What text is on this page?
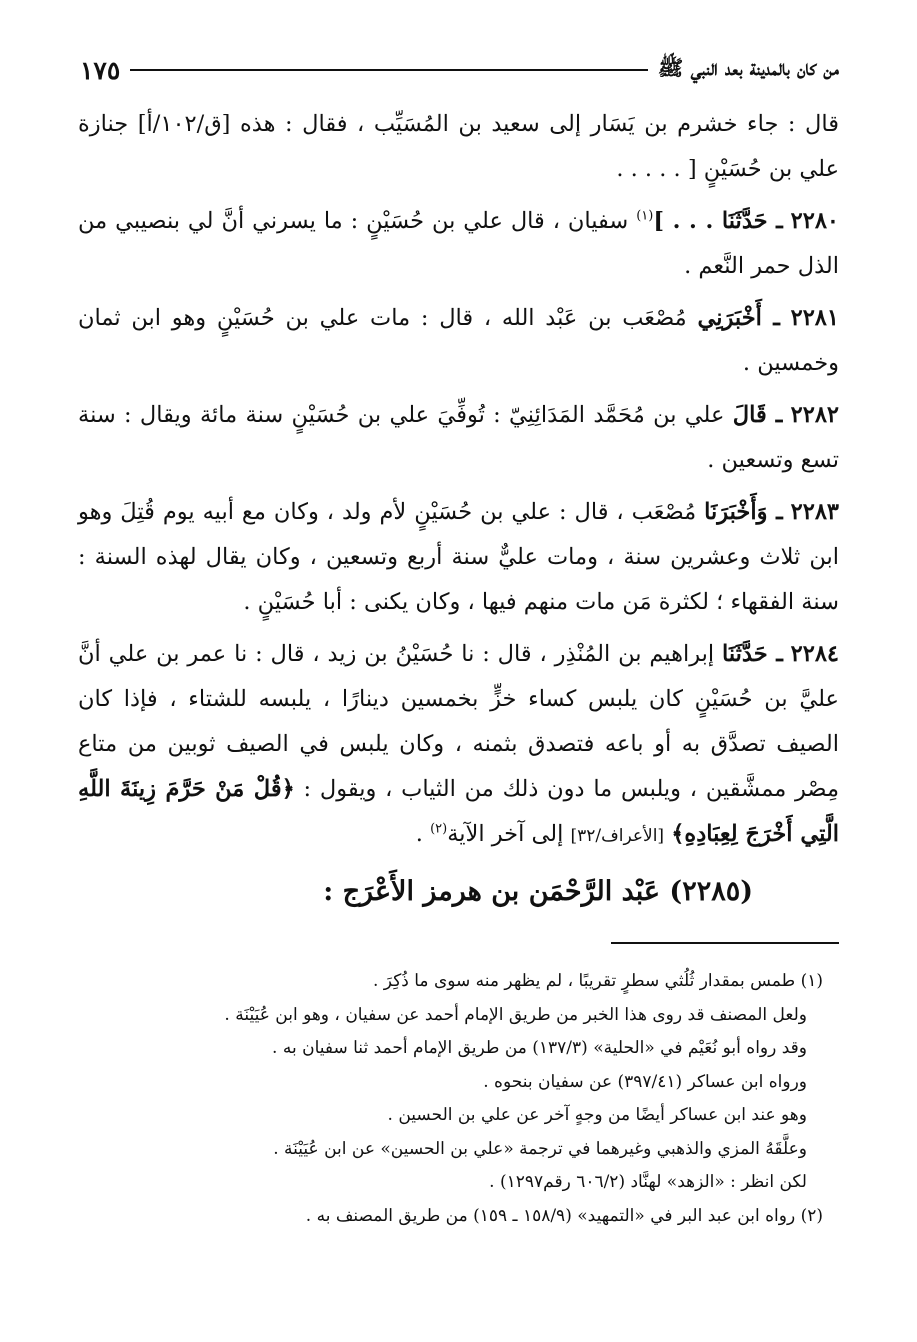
١٧٥	من كان بالمدينة بعد النبي ﷺ

قال : جاء خشرم بن يَسَار إلى سعيد بن المُسَيِّب ، فقال : هذه [ق/١٠٢/أ] جنازة علي بن حُسَيْنٍ [ . . . . .

٢٢٨٠ ـ حَدَّثَنَا . . . ]$^{(١)}$ سفيان ، قال علي بن حُسَيْنٍ : ما يسرني أنَّ لي بنصيبي من الذل حمر النَّعم .

٢٢٨١ ـ أَخْبَرَنِي مُصْعَب بن عَبْد الله ، قال : مات علي بن حُسَيْنٍ وهو ابن ثمان وخمسين .

٢٢٨٢ ـ قَالَ علي بن مُحَمَّد المَدَائِنِيّ : تُوفِّيَ علي بن حُسَيْنٍ سنة مائة ويقال : سنة تسع وتسعين .

٢٢٨٣ ـ وَأَخْبَرَنَا مُصْعَب ، قال : علي بن حُسَيْنٍ لأم ولد ، وكان مع أبيه يوم قُتِلَ وهو ابن ثلاث وعشرين سنة ، ومات عليٌّ سنة أربع وتسعين ، وكان يقال لهذه السنة : سنة الفقهاء ؛ لكثرة مَن مات منهم فيها ، وكان يكنى : أبا حُسَيْنٍ .

٢٢٨٤ ـ حَدَّثَنَا إبراهيم بن المُنْذِر ، قال : نا حُسَيْنُ بن زيد ، قال : نا عمر بن علي أنَّ عليَّ بن حُسَيْنٍ كان يلبس كساء خزٍّ بخمسين دينارًا ، يلبسه للشتاء ، فإذا كان الصيف تصدَّق به أو باعه فتصدق بثمنه ، وكان يلبس في الصيف ثوبين من متاع مِصْر ممشَّقين ، ويلبس ما دون ذلك من الثياب ، ويقول : ﴿قُلْ مَنْ حَرَّمَ زِينَةَ اللَّهِ الَّتِي أَخْرَجَ لِعِبَادِهِ﴾ [الأعراف/٣٢] إلى آخر الآية$^{(٢)}$ .

(٢٢٨٥) عَبْد الرَّحْمَن بن هرمز الأَعْرَج :

(١) طمس بمقدار ثُلُثي سطرٍ تقريبًا ، لم يظهر منه سوى ما ذُكِرَ .

ولعل المصنف قد روى هذا الخبر من طريق الإمام أحمد عن سفيان ، وهو ابن عُيَيْنَة .

وقد رواه أبو نُعَيْم في «الحلية» (١٣٧/٣) من طريق الإمام أحمد ثنا سفيان به .

ورواه ابن عساكر (٣٩٧/٤١) عن سفيان بنحوه .

وهو عند ابن عساكر أيضًا من وجهٍ آخر عن علي بن الحسين .

وعلَّقَهُ المزي والذهبي وغيرهما في ترجمة «علي بن الحسين» عن ابن عُيَيْنَة .

لكن انظر : «الزهد» لهنَّاد (٦٠٦/٢ رقم١٢٩٧) .

(٢) رواه ابن عبد البر في «التمهيد» (١٥٨/٩ ـ ١٥٩) من طريق المصنف به .
